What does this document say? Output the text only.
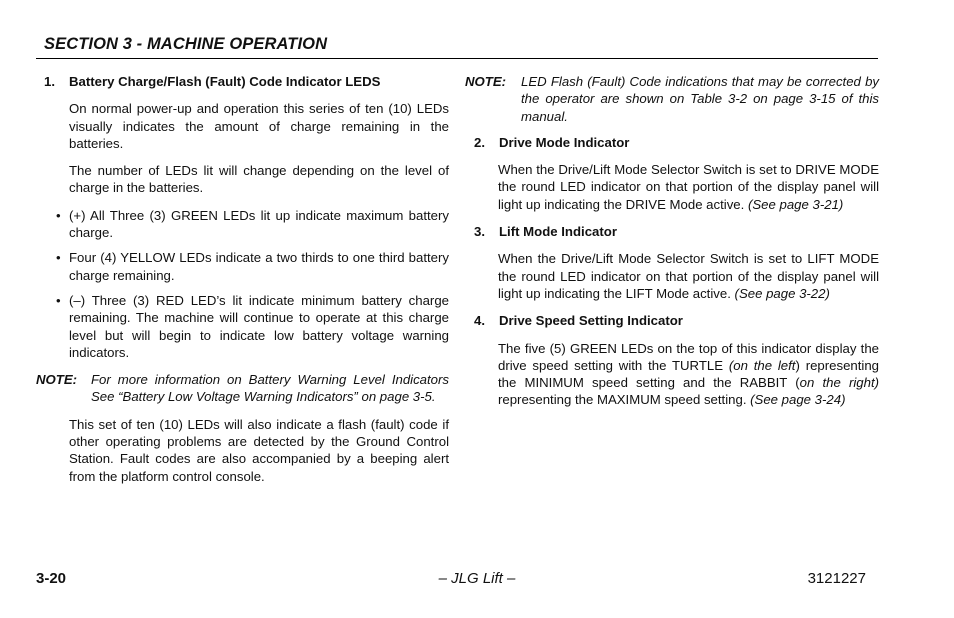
SECTION 3 - MACHINE OPERATION

1.	Battery Charge/Flash (Fault) Code Indicator LEDS

On normal power-up and operation this series of ten (10) LEDs visually indicates the amount of charge remaining in the batteries.

The number of LEDs lit will change depending on the level of charge in the batteries.

• (+) All Three (3) GREEN LEDs lit up indicate maximum battery charge.
• Four (4) YELLOW LEDs indicate a two thirds to one third battery charge remaining.
• (–) Three (3) RED LED’s lit indicate minimum battery charge remaining. The machine will continue to operate at this charge level but will begin to indicate low battery voltage warning indicators.
NOTE:	For more information on Battery Warning Level Indicators See “Battery Low Voltage Warning Indicators” on page 3-5.

This set of ten (10) LEDs will also indicate a flash (fault) code if other operating problems are detected by the Ground Control Station. Fault codes are also accompanied by a beeping alert from the platform control console.

NOTE:	LED Flash (Fault) Code indications that may be corrected by the operator are shown on Table 3-2 on page 3-15 of this manual.

2.	Drive Mode Indicator

When the Drive/Lift Mode Selector Switch is set to DRIVE MODE the round LED indicator on that portion of the display panel will light up indicating the DRIVE Mode active. (See page 3-21)

3.	Lift Mode Indicator

When the Drive/Lift Mode Selector Switch is set to LIFT MODE the round LED indicator on that portion of the display panel will light up indicating the LIFT Mode active. (See page 3-22)

4.	Drive Speed Setting Indicator

The five (5) GREEN LEDs on the top of this indicator display the drive speed setting with the TURTLE (on the left) representing the MINIMUM speed setting and the RABBIT (on the right) representing the MAXIMUM speed setting. (See page 3-24)

3-20	– JLG Lift –	3121227
